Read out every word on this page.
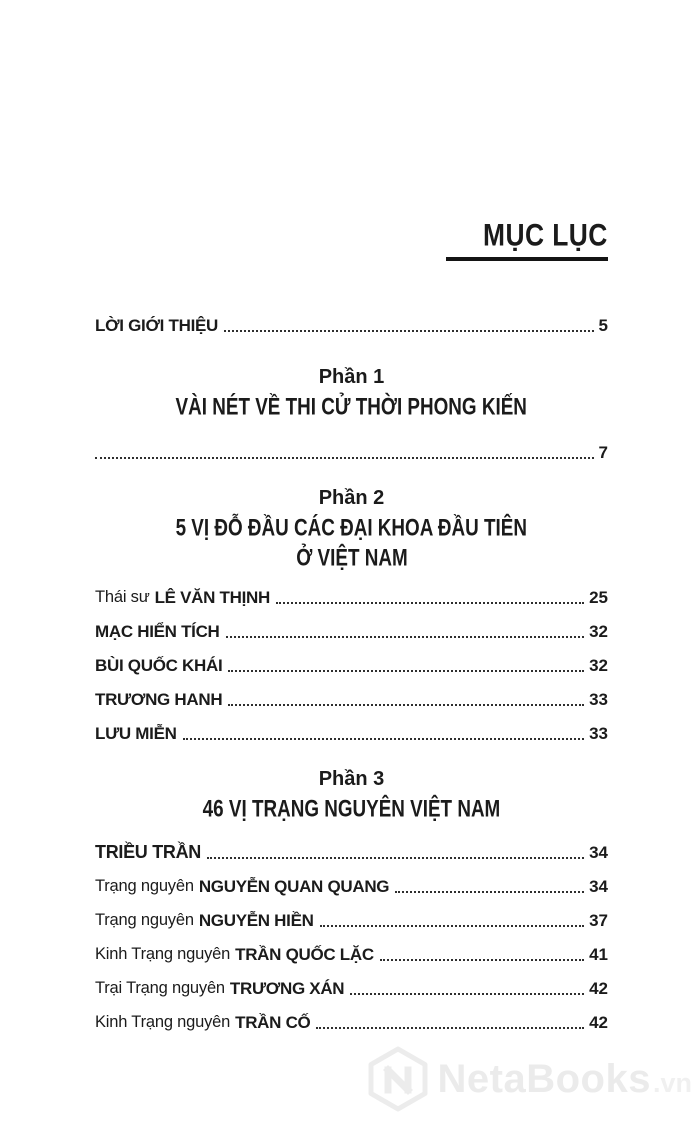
MỤC LỤC
LỜI GIỚI THIỆU	5
Phần 1
VÀI NÉT VỀ THI CỬ THỜI PHONG KIẾN
7
Phần 2
5 VỊ ĐỖ ĐẦU CÁC ĐẠI KHOA ĐẦU TIÊN
Ở VIỆT NAM
Thái sư LÊ VĂN THỊNH	25
MẠC HIỂN TÍCH	32
BÙI QUỐC KHÁI	32
TRƯƠNG HANH	33
LƯU MIỄN	33
Phần 3
46 VỊ TRẠNG NGUYÊN VIỆT NAM
TRIỀU TRẦN	34
Trạng nguyên NGUYỄN QUAN QUANG	34
Trạng nguyên NGUYỄN HIỀN	37
Kinh Trạng nguyên TRẦN QUỐC LẶC	41
Trại Trạng nguyên TRƯƠNG XÁN	42
Kinh Trạng nguyên TRẦN CỐ	42
NetaBooks .vn
